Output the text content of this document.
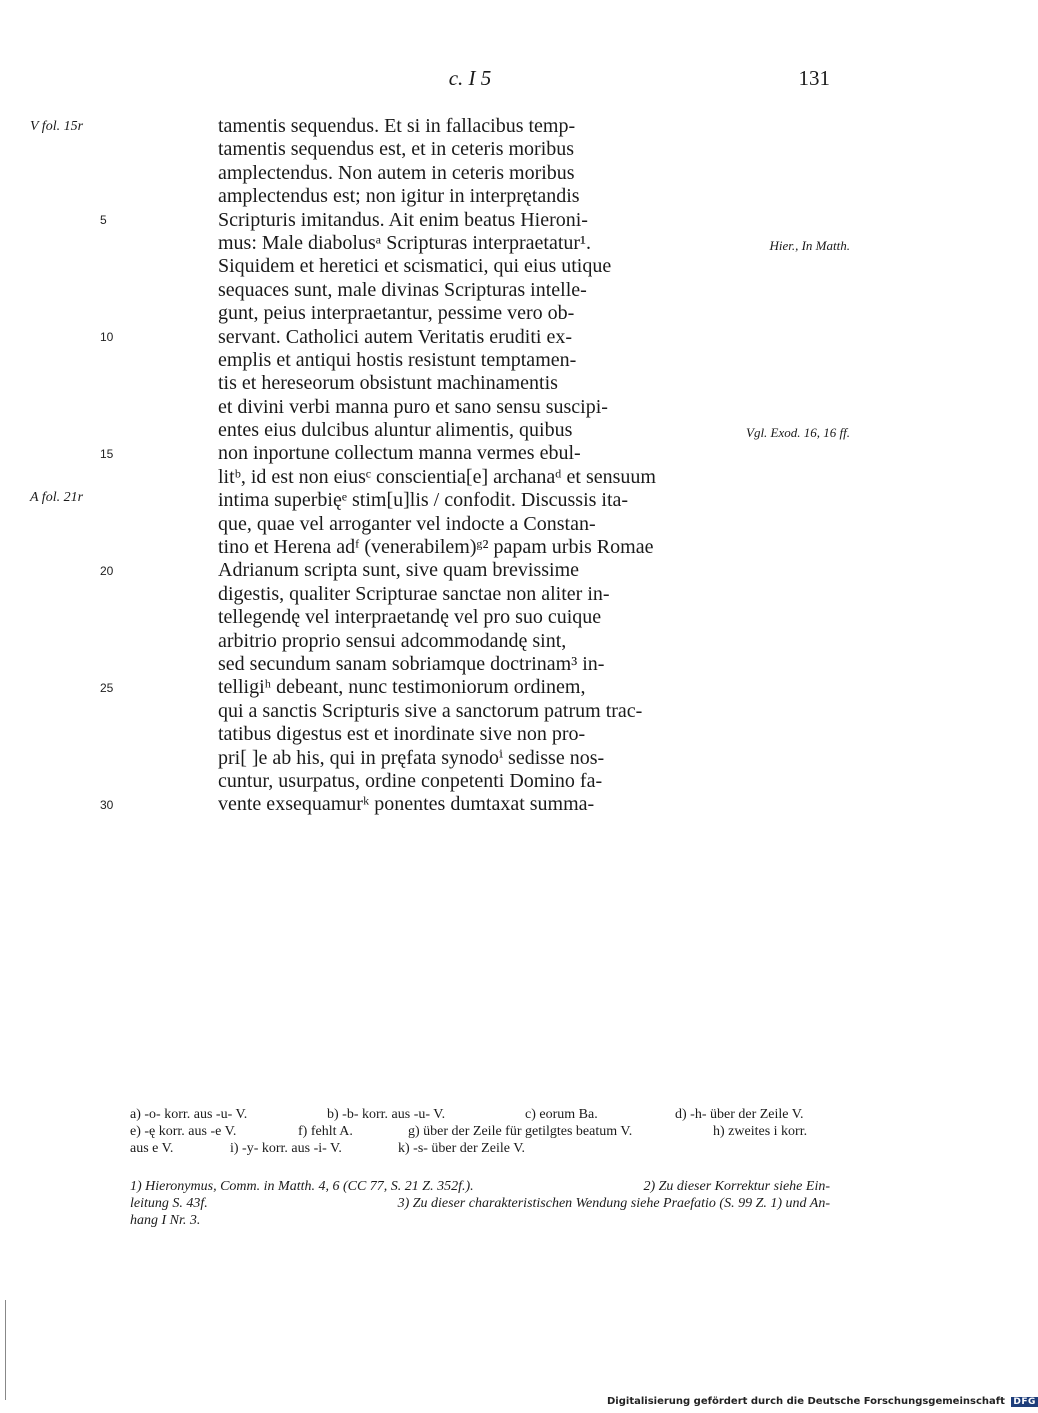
c. I 5	131
V fol. 15r
A fol. 21r
5
10
15
20
25
30
Hier., In Matth.
Vgl. Exod. 16, 16 ff.
tamentis sequendus. Et si in fallacibus temp-
tamentis sequendus est, et in ceteris moribus
amplectendus. Non autem in ceteris moribus
amplectendus est; non igitur in interprętandis
Scripturis imitandus. Ait enim beatus Hieroni-
mus: Male diabolusᵃ Scripturas interpraetatur¹.
Siquidem et heretici et scismatici, qui eius utique
sequaces sunt, male divinas Scripturas intelle-
gunt, peius interpraetantur, pessime vero ob-
servant. Catholici autem Veritatis eruditi ex-
emplis et antiqui hostis resistunt temptamen-
tis et hereseorum obsistunt machinamentis
et divini verbi manna puro et sano sensu suscipi-
entes eius dulcibus aluntur alimentis, quibus
non inportune collectum manna vermes ebul-
litᵇ, id est non eiusᶜ conscientia[e] archanaᵈ et sensuum
intima superbięᵉ stim[u]lis / confodit. Discussis ita-
que, quae vel arroganter vel indocte a Constan-
tino et Herena adᶠ (venerabilem)ᵍ² papam urbis Romae
Adrianum scripta sunt, sive quam brevissime
digestis, qualiter Scripturae sanctae non aliter in-
tellegendę vel interpraetandę vel pro suo cuique
arbitrio proprio sensui adcommodandę sint,
sed secundum sanam sobriamque doctrinam³ in-
telligiʰ debeant, nunc testimoniorum ordinem,
qui a sanctis Scripturis sive a sanctorum patrum trac-
tatibus digestus est et inordinate sive non pro-
pri[ ]e ab his, qui in pręfata synodoⁱ sedisse nos-
cuntur, usurpatus, ordine conpetenti Domino fa-
vente exsequamurᵏ ponentes dumtaxat summa-
a) -o- korr. aus -u- V.	b) -b- korr. aus -u- V.	c) eorum Ba.	d) -h- über der Zeile V.
e) -ę korr. aus -e V.	f) fehlt A.	g) über der Zeile für getilgtes beatum V.	h) zweites i korr.
aus e V.	i) -y- korr. aus -i- V.	k) -s- über der Zeile V.
1) Hieronymus, Comm. in Matth. 4, 6 (CC 77, S. 21 Z. 352f.).	2) Zu dieser Korrektur siehe Ein-
leitung S. 43f.	3) Zu dieser charakteristischen Wendung siehe Praefatio (S. 99 Z. 1) und An-
hang I Nr. 3.
Digitalisierung gefördert durch die Deutsche Forschungsgemeinschaft DFG
